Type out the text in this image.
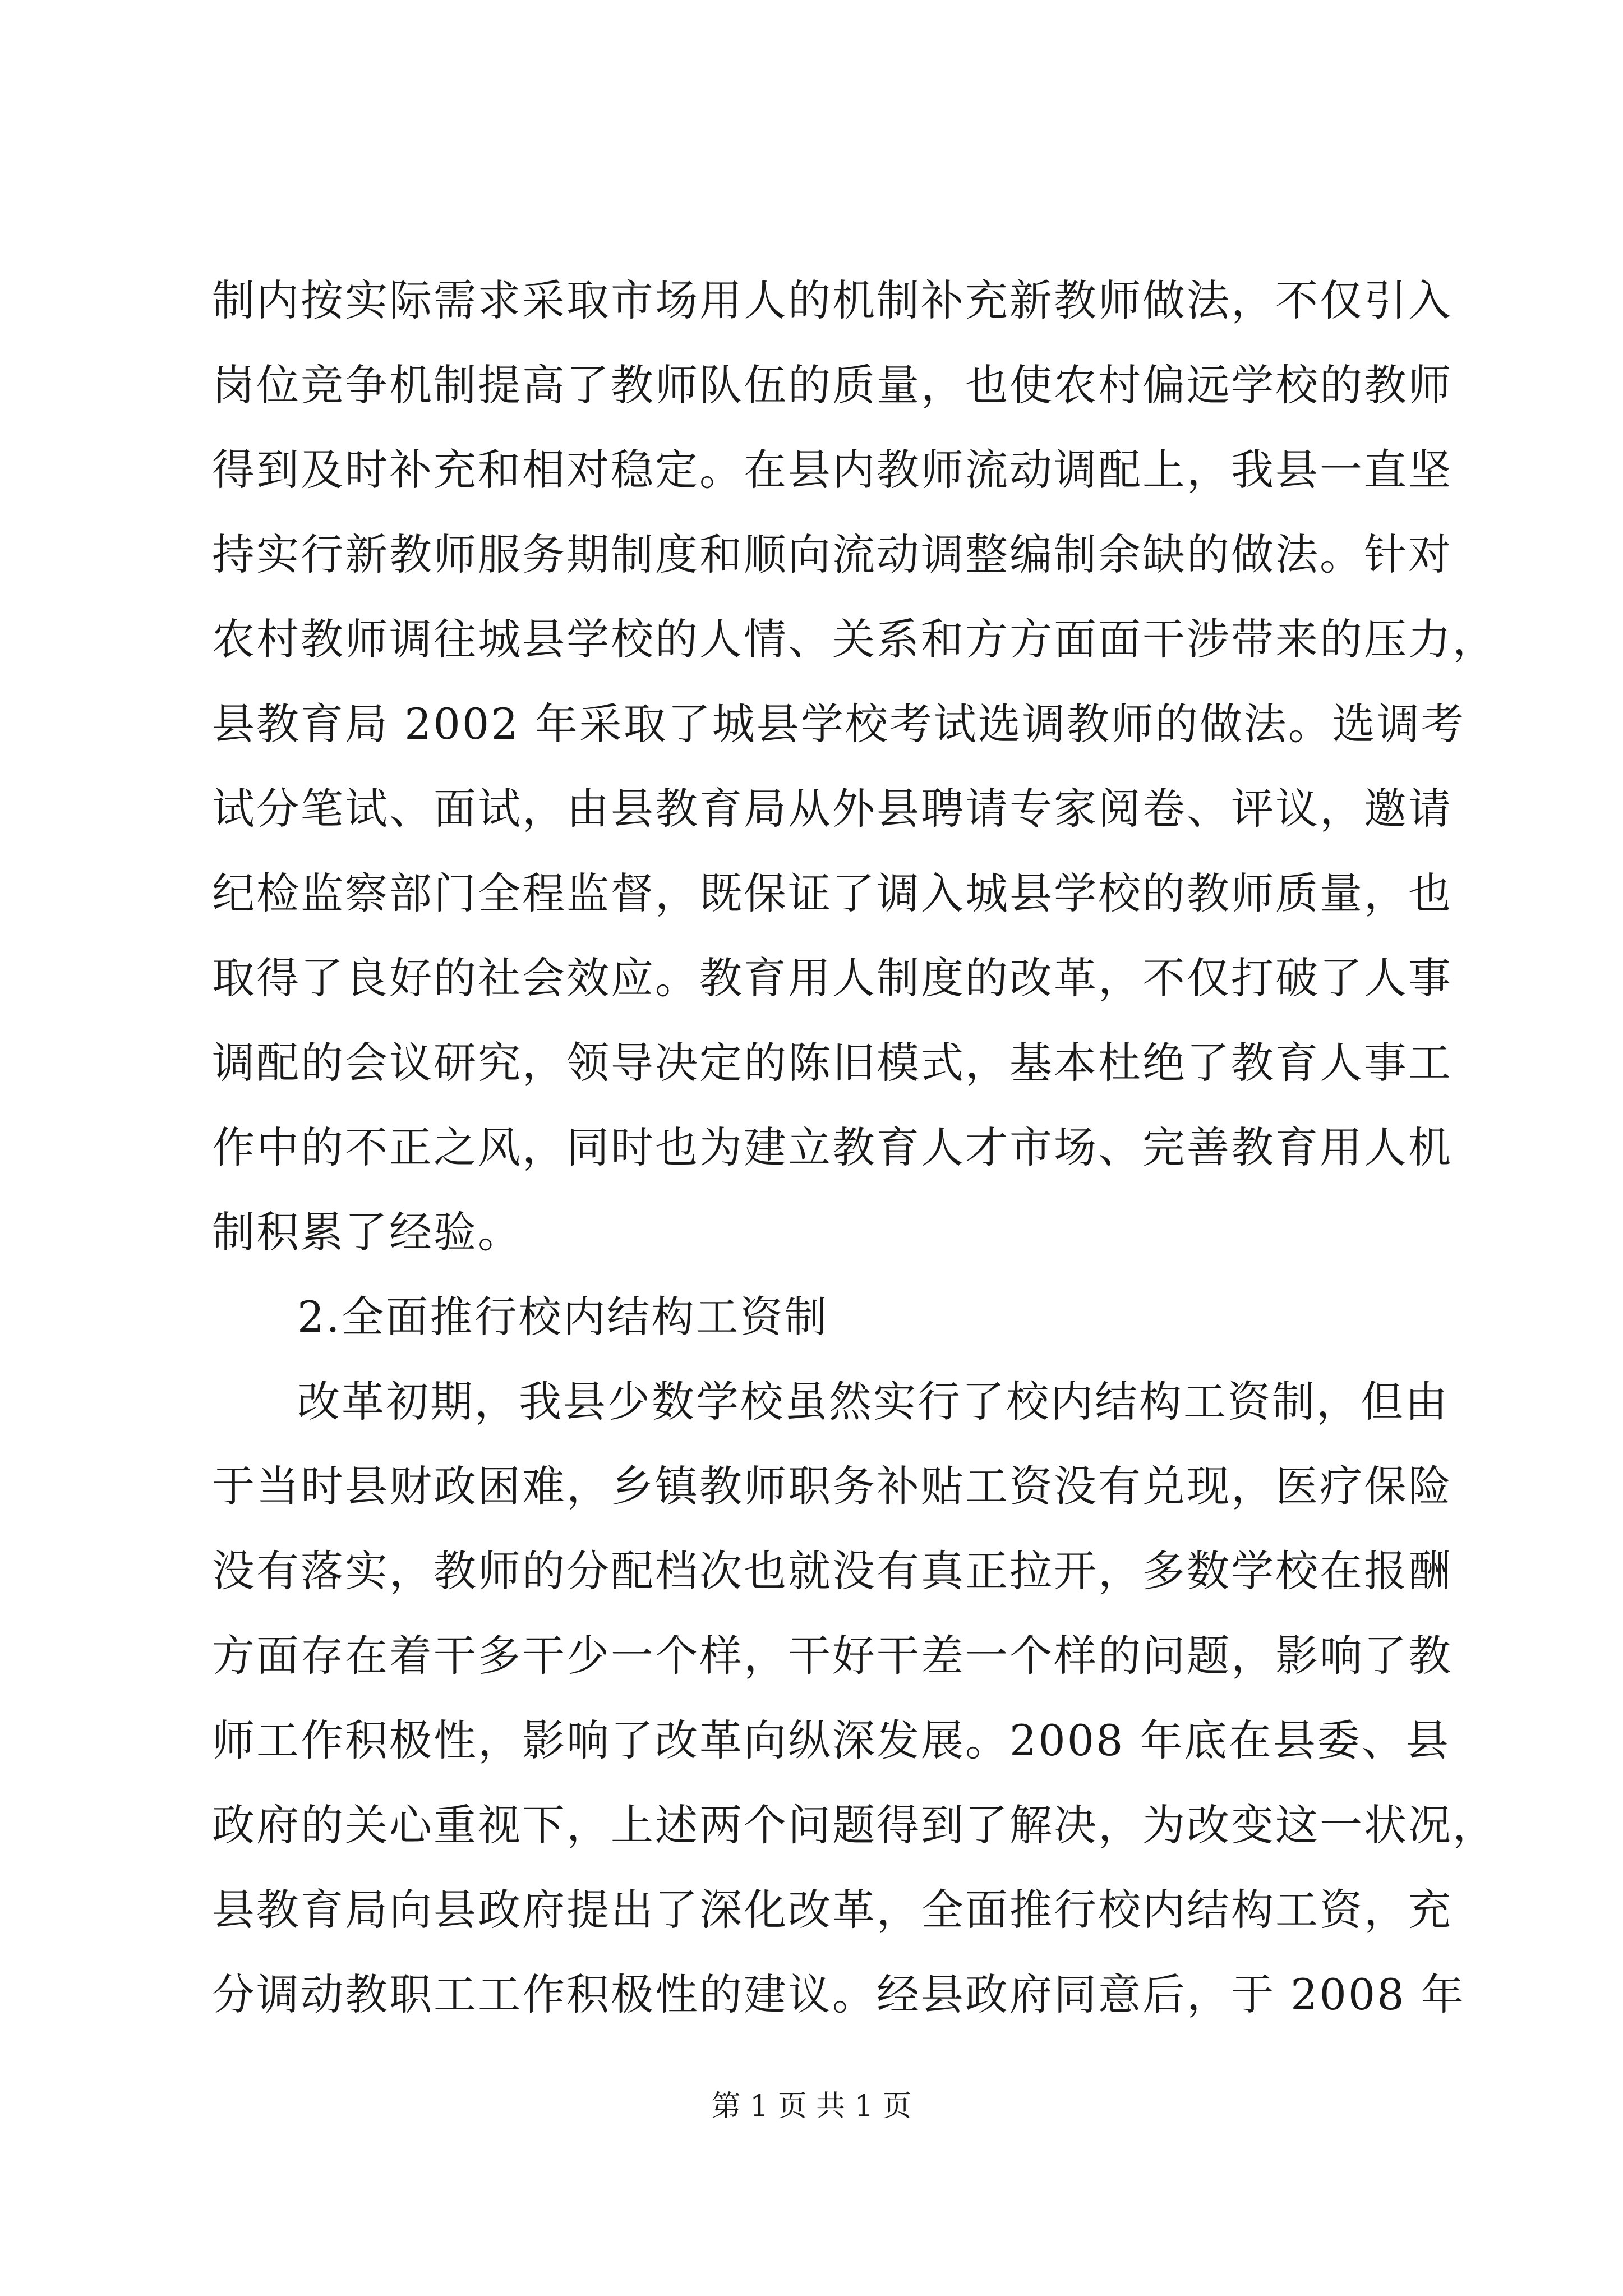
制内按实际需求采取市场用人的机制补充新教师做法，不仅引入
岗位竞争机制提高了教师队伍的质量，也使农村偏远学校的教师
得到及时补充和相对稳定。在县内教师流动调配上，我县一直坚
持实行新教师服务期制度和顺向流动调整编制余缺的做法。针对
农村教师调往城县学校的人情、关系和方方面面干涉带来的压力，
县教育局 2002 年采取了城县学校考试选调教师的做法。选调考
试分笔试、面试，由县教育局从外县聘请专家阅卷、评议，邀请
纪检监察部门全程监督，既保证了调入城县学校的教师质量，也
取得了良好的社会效应。教育用人制度的改革，不仅打破了人事
调配的会议研究，领导决定的陈旧模式，基本杜绝了教育人事工
作中的不正之风，同时也为建立教育人才市场、完善教育用人机
制积累了经验。
2.全面推行校内结构工资制
改革初期，我县少数学校虽然实行了校内结构工资制，但由
于当时县财政困难，乡镇教师职务补贴工资没有兑现，医疗保险
没有落实，教师的分配档次也就没有真正拉开，多数学校在报酬
方面存在着干多干少一个样，干好干差一个样的问题，影响了教
师工作积极性，影响了改革向纵深发展。2008 年底在县委、县
政府的关心重视下，上述两个问题得到了解决，为改变这一状况，
县教育局向县政府提出了深化改革，全面推行校内结构工资，充
分调动教职工工作积极性的建议。经县政府同意后，于 2008 年
第 1 页 共 1 页
